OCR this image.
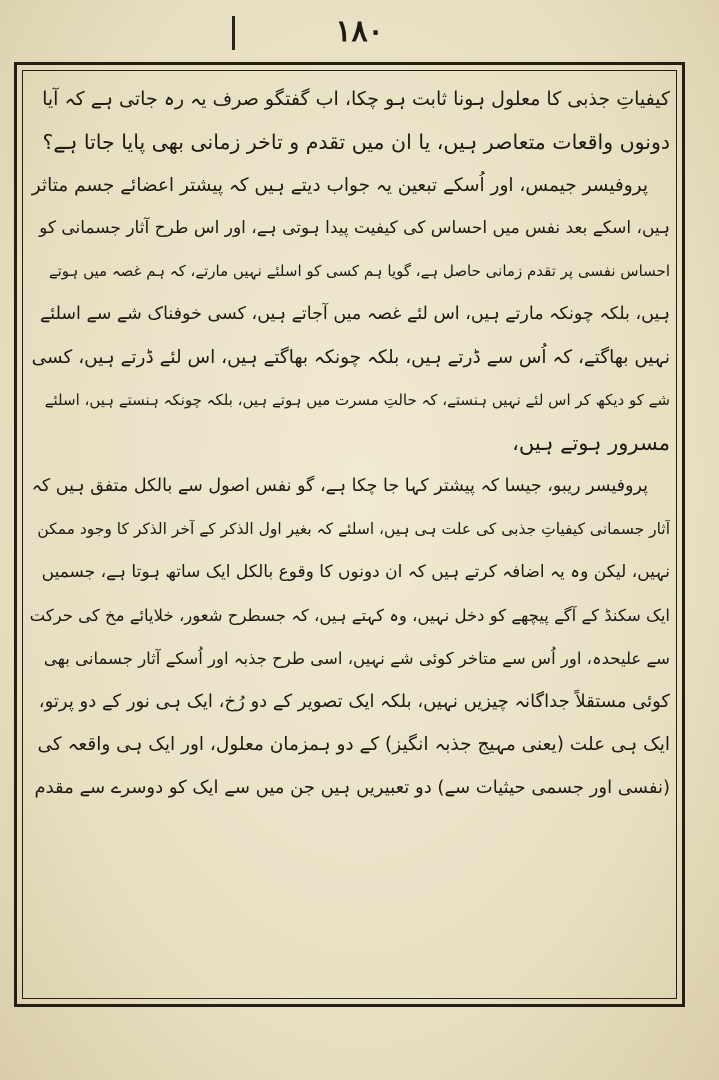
۱۸۰
کیفیاتِ جذبی کا معلول ہونا ثابت ہو چکا، اب گفتگو صرف یہ رہ جاتی ہے کہ آیا
دونوں واقعات متعاصر ہیں، یا ان میں تقدم و تاخر زمانی بھی پایا جاتا ہے؟
پروفیسر جیمس، اور اُسکے تبعین یہ جواب دیتے ہیں کہ پیشتر اعضائے جسم متاثر
ہیں، اسکے بعد نفس میں احساس کی کیفیت پیدا ہوتی ہے، اور اس طرح آثار جسمانی کو
احساس نفسی پر تقدم زمانی حاصل ہے، گویا ہم کسی کو اسلئے نہیں مارتے، کہ ہم غصہ میں ہوتے
ہیں، بلکہ چونکہ مارتے ہیں، اس لئے غصہ میں آجاتے ہیں، کسی خوفناک شے سے اسلئے
نہیں بھاگتے، کہ اُس سے ڈرتے ہیں، بلکہ چونکہ بھاگتے ہیں، اس لئے ڈرتے ہیں، کسی
شے کو دیکھ کر اس لئے نہیں ہنستے، کہ حالتِ مسرت میں ہوتے ہیں، بلکہ چونکہ ہنستے ہیں، اسلئے
مسرور ہوتے ہیں،
پروفیسر ریبو، جیسا کہ پیشتر کہا جا چکا ہے، گو نفس اصول سے بالکل متفق ہیں کہ
آثار جسمانی کیفیاتِ جذبی کی علت ہی ہیں، اسلئے کہ بغیر اول الذکر کے آخر الذکر کا وجود ممکن
نہیں، لیکن وہ یہ اضافہ کرتے ہیں کہ ان دونوں کا وقوع بالکل ایک ساتھ ہوتا ہے، جسمیں
ایک سکنڈ کے آگے پیچھے کو دخل نہیں، وہ کہتے ہیں، کہ جسطرح شعور، خلایائے مخ کی حرکت
سے علیحدہ، اور اُس سے متاخر کوئی شے نہیں، اسی طرح جذبہ اور اُسکے آثار جسمانی بھی
کوئی مستقلاً جداگانہ چیزیں نہیں، بلکہ ایک تصویر کے دو رُخ، ایک ہی نور کے دو پرتو،
ایک ہی علت (یعنی مہیج جذبہ انگیز) کے دو ہمزمان معلول، اور ایک ہی واقعہ کی
(نفسی اور جسمی حیثیات سے) دو تعبیریں ہیں جن میں سے ایک کو دوسرے سے مقدم
